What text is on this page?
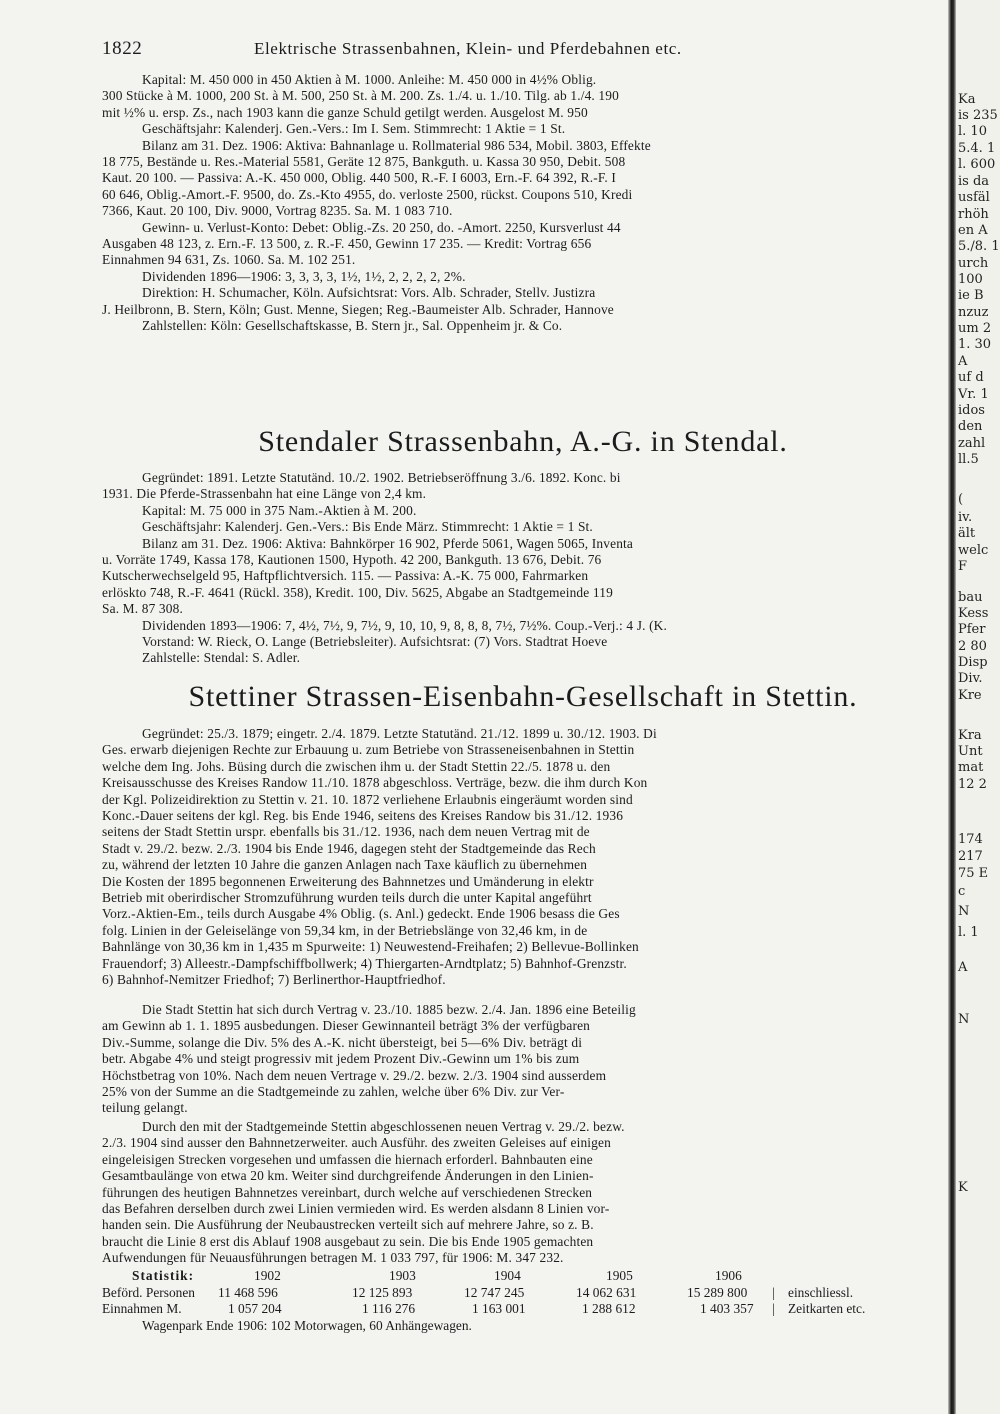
1822	Elektrische Strassenbahnen, Klein- und Pferdebahnen etc.
Kapital: M. 450 000 in 450 Aktien à M. 1000. Anleihe: M. 450 000 in 4½% Oblig.
300 Stücke à M. 1000, 200 St. à M. 500, 250 St. à M. 200. Zs. 1./4. u. 1./10. Tilg. ab 1./4. 190
mit ½% u. ersp. Zs., nach 1903 kann die ganze Schuld getilgt werden. Ausgelost M. 950
Geschäftsjahr: Kalenderj. Gen.-Vers.: Im I. Sem. Stimmrecht: 1 Aktie = 1 St.
Bilanz am 31. Dez. 1906: Aktiva: Bahnanlage u. Rollmaterial 986 534, Mobil. 3803, Effekte
18 775, Bestände u. Res.-Material 5581, Geräte 12 875, Bankguth. u. Kassa 30 950, Debit. 508
Kaut. 20 100. — Passiva: A.-K. 450 000, Oblig. 440 500, R.-F. I 6003, Ern.-F. 64 392, R.-F. I
60 646, Oblig.-Amort.-F. 9500, do. Zs.-Kto 4955, do. verloste 2500, rückst. Coupons 510, Kredi
7366, Kaut. 20 100, Div. 9000, Vortrag 8235. Sa. M. 1 083 710.
Gewinn- u. Verlust-Konto: Debet: Oblig.-Zs. 20 250, do. -Amort. 2250, Kursverlust 44
Ausgaben 48 123, z. Ern.-F. 13 500, z. R.-F. 450, Gewinn 17 235. — Kredit: Vortrag 656
Einnahmen 94 631, Zs. 1060. Sa. M. 102 251.
Dividenden 1896—1906: 3, 3, 3, 3, 1½, 1½, 2, 2, 2, 2, 2%.
Direktion: H. Schumacher, Köln. Aufsichtsrat: Vors. Alb. Schrader, Stellv. Justizra
J. Heilbronn, B. Stern, Köln; Gust. Menne, Siegen; Reg.-Baumeister Alb. Schrader, Hannove
Zahlstellen: Köln: Gesellschaftskasse, B. Stern jr., Sal. Oppenheim jr. & Co.
Stendaler Strassenbahn, A.-G. in Stendal.
Gegründet: 1891. Letzte Statutänd. 10./2. 1902. Betriebseröffnung 3./6. 1892. Konc. bi
1931. Die Pferde-Strassenbahn hat eine Länge von 2,4 km.
Kapital: M. 75 000 in 375 Nam.-Aktien à M. 200.
Geschäftsjahr: Kalenderj. Gen.-Vers.: Bis Ende März. Stimmrecht: 1 Aktie = 1 St.
Bilanz am 31. Dez. 1906: Aktiva: Bahnkörper 16 902, Pferde 5061, Wagen 5065, Inventa
u. Vorräte 1749, Kassa 178, Kautionen 1500, Hypoth. 42 200, Bankguth. 13 676, Debit. 76
Kutscherwechselgeld 95, Haftpflichtversich. 115. — Passiva: A.-K. 75 000, Fahrmarken
erlöskto 748, R.-F. 4641 (Rückl. 358), Kredit. 100, Div. 5625, Abgabe an Stadtgemeinde 119
Sa. M. 87 308.
Dividenden 1893—1906: 7, 4½, 7½, 9, 7½, 9, 10, 10, 9, 8, 8, 8, 7½, 7½%. Coup.-Verj.: 4 J. (K.
Vorstand: W. Rieck, O. Lange (Betriebsleiter). Aufsichtsrat: (7) Vors. Stadtrat Hoeve
Zahlstelle: Stendal: S. Adler.
Stettiner Strassen-Eisenbahn-Gesellschaft in Stettin.
Gegründet: 25./3. 1879; eingetr. 2./4. 1879. Letzte Statutänd. 21./12. 1899 u. 30./12. 1903. Di
Ges. erwarb diejenigen Rechte zur Erbauung u. zum Betriebe von Strasseneisenbahnen in Stettin
welche dem Ing. Johs. Büsing durch die zwischen ihm u. der Stadt Stettin 22./5. 1878 u. den
Kreisausschusse des Kreises Randow 11./10. 1878 abgeschloss. Verträge, bezw. die ihm durch Kon
der Kgl. Polizeidirektion zu Stettin v. 21. 10. 1872 verliehene Erlaubnis eingeräumt worden sind
Konc.-Dauer seitens der kgl. Reg. bis Ende 1946, seitens des Kreises Randow bis 31./12. 1936
seitens der Stadt Stettin urspr. ebenfalls bis 31./12. 1936, nach dem neuen Vertrag mit de
Stadt v. 29./2. bezw. 2./3. 1904 bis Ende 1946, dagegen steht der Stadtgemeinde das Rech
zu, während der letzten 10 Jahre die ganzen Anlagen nach Taxe käuflich zu übernehmen
Die Kosten der 1895 begonnenen Erweiterung des Bahnnetzes und Umänderung in elektr
Betrieb mit oberirdischer Stromzuführung wurden teils durch die unter Kapital angeführt
Vorz.-Aktien-Em., teils durch Ausgabe 4% Oblig. (s. Anl.) gedeckt. Ende 1906 besass die Ges
folg. Linien in der Geleiselänge von 59,34 km, in der Betriebslänge von 32,46 km, in de
Bahnlänge von 30,36 km in 1,435 m Spurweite: 1) Neuwestend-Freihafen; 2) Bellevue-Bollinken
Frauendorf; 3) Alleestr.-Dampfschiffbollwerk; 4) Thiergarten-Arndtplatz; 5) Bahnhof-Grenzstr.
6) Bahnhof-Nemitzer Friedhof; 7) Berlinerthor-Hauptfriedhof.
Die Stadt Stettin hat sich durch Vertrag v. 23./10. 1885 bezw. 2./4. Jan. 1896 eine Beteilig
am Gewinn ab 1. 1. 1895 ausbedungen. Dieser Gewinnanteil beträgt 3% der verfügbaren
Div.-Summe, solange die Div. 5% des A.-K. nicht übersteigt, bei 5—6% Div. beträgt di
betr. Abgabe 4% und steigt progressiv mit jedem Prozent Div.-Gewinn um 1% bis zum
Höchstbetrag von 10%. Nach dem neuen Vertrage v. 29./2. bezw. 2./3. 1904 sind ausserdem
25% von der Summe an die Stadtgemeinde zu zahlen, welche über 6% Div. zur Ver-
teilung gelangt.
Durch den mit der Stadtgemeinde Stettin abgeschlossenen neuen Vertrag v. 29./2. bezw.
2./3. 1904 sind ausser den Bahnnetzerweiter. auch Ausführ. des zweiten Geleises auf einigen
eingeleisigen Strecken vorgesehen und umfassen die hiernach erforderl. Bahnbauten eine
Gesamtbaulänge von etwa 20 km. Weiter sind durchgreifende Änderungen in den Linien-
führungen des heutigen Bahnnetzes vereinbart, durch welche auf verschiedenen Strecken
das Befahren derselben durch zwei Linien vermieden wird. Es werden alsdann 8 Linien vor-
handen sein. Die Ausführung der Neubaustrecken verteilt sich auf mehrere Jahre, so z. B.
braucht die Linie 8 erst dis Ablauf 1908 ausgebaut zu sein. Die bis Ende 1905 gemachten
Aufwendungen für Neuausführungen betragen M. 1 033 797, für 1906: M. 347 232.
Statistik:	1902	1903	1904	1905	1906
Beförd. Personen 11 468 596	12 125 893	12 747 245	14 062 631	15 289 800 | einschliessl.
Einnahmen M.	1 057 204	1 116 276	1 163 001	1 288 612	1 403 357 | Zeitkarten etc.
Wagenpark Ende 1906: 102 Motorwagen, 60 Anhängewagen.
Ka
is 235
l. 10
5.4. 1
l. 600
is da
usfäl
rhöh
en A
5./8. 1
urch
100
ie B
nzuz
um 2
1. 30
A
uf d
Vr. 1
idos
den
zahl
ll.5
(
iv.
ält
welc
F
bau
Kess
Pfer
2 80
Disp
Div.
Kre
Kra
Unt
mat
12 2
174
217
75 E
c
N
l. 1
A
N
K
